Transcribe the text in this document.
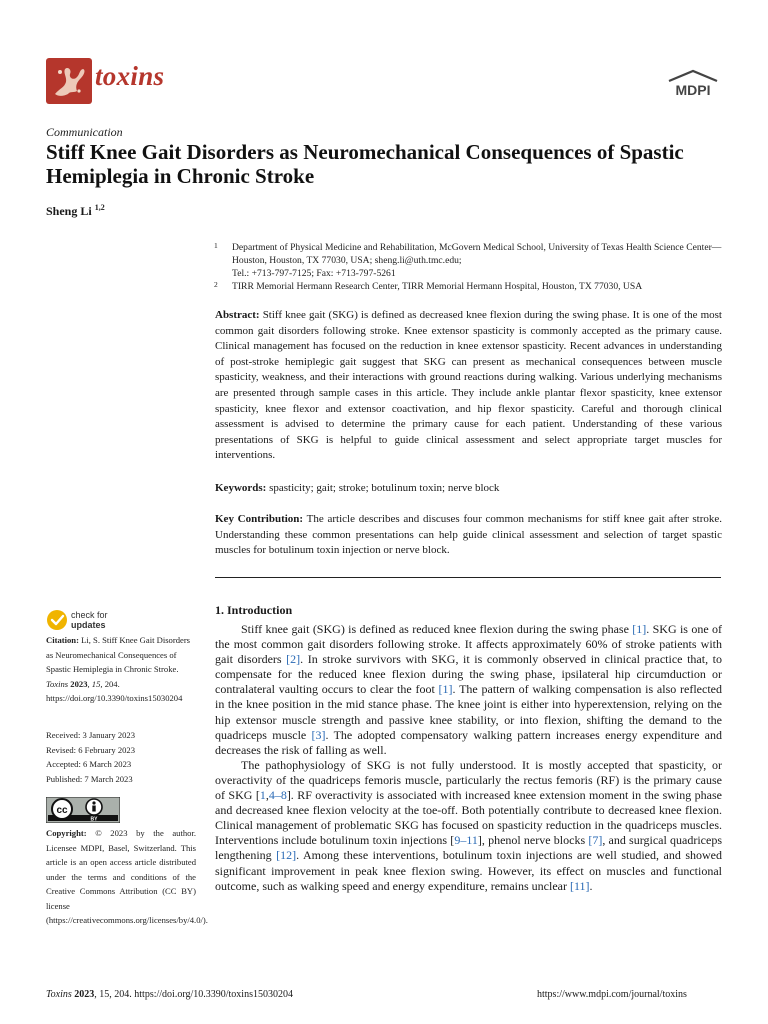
toxins	MDPI
Communication
Stiff Knee Gait Disorders as Neuromechanical Consequences of Spastic Hemiplegia in Chronic Stroke
Sheng Li $^{1,2}$
1 Department of Physical Medicine and Rehabilitation, McGovern Medical School, University of Texas Health Science Center—Houston, Houston, TX 77030, USA; sheng.li@uth.tmc.edu;
Tel.: +713-797-7125; Fax: +713-797-5261
2 TIRR Memorial Hermann Research Center, TIRR Memorial Hermann Hospital, Houston, TX 77030, USA
Abstract: Stiff knee gait (SKG) is defined as decreased knee flexion during the swing phase. It is one of the most common gait disorders following stroke. Knee extensor spasticity is commonly accepted as the primary cause. Clinical management has focused on the reduction in knee extensor spasticity. Recent advances in understanding of post-stroke hemiplegic gait suggest that SKG can present as mechanical consequences between muscle spasticity, weakness, and their interactions with ground reactions during walking. Various underlying mechanisms are presented through sample cases in this article. They include ankle plantar flexor spasticity, knee extensor spasticity, knee flexor and extensor coactivation, and hip flexor spasticity. Careful and thorough clinical assessment is advised to determine the primary cause for each patient. Understanding of these various presentations of SKG is helpful to guide clinical assessment and select appropriate target muscles for interventions.
Keywords: spasticity; gait; stroke; botulinum toxin; nerve block
Key Contribution: The article describes and discuses four common mechanisms for stiff knee gait after stroke. Understanding these common presentations can help guide clinical assessment and selection of target spastic muscles for botulinum toxin injection or nerve block.
1. Introduction

Stiff knee gait (SKG) is defined as reduced knee flexion during the swing phase [1]. SKG is one of the most common gait disorders following stroke. It affects approximately 60% of stroke patients with gait disorders [2]. In stroke survivors with SKG, it is commonly observed in clinical practice that, to compensate for the reduced knee flexion during the swing phase, ipsilateral hip circumduction or contralateral vaulting occurs to clear the foot [1]. The pattern of walking compensation is also reflected in the knee position in the mid stance phase. The knee joint is either into hyperextension, relying on the hip extensor muscle strength and passive knee stability, or into flexion, shifting the demand to the quadriceps muscle [3]. The adopted compensatory walking pattern increases energy expenditure and decreases the risk of falling as well.

The pathophysiology of SKG is not fully understood. It is mostly accepted that spasticity, or overactivity of the quadriceps femoris muscle, particularly the rectus femoris (RF) is the primary cause of SKG [1,4–8]. RF overactivity is associated with increased knee extension moment in the swing phase and decreased knee flexion velocity at the toe-off. Both potentially contribute to decreased knee flexion. Clinical management of problematic SKG has focused on spasticity reduction in the quadriceps muscles. Interventions include botulinum toxin injections [9–11], phenol nerve blocks [7], and surgical quadriceps lengthening [12]. Among these interventions, botulinum toxin injections are well studied, and showed significant improvement in peak knee flexion swing. However, its effect on muscles and functional outcome, such as walking speed and energy expenditure, remains unclear [11].

check for
updates
Citation: Li, S. Stiff Knee Gait Disorders as Neuromechanical Consequences of Spastic Hemiplegia in Chronic Stroke. Toxins 2023, 15, 204. https://doi.org/10.3390/toxins15030204
Received: 3 January 2023
Revised: 6 February 2023
Accepted: 6 March 2023
Published: 7 March 2023
cc
BY
Copyright: © 2023 by the author. Licensee MDPI, Basel, Switzerland. This article is an open access article distributed under the terms and conditions of the Creative Commons Attribution (CC BY) license (https://creativecommons.org/licenses/by/4.0/).
Toxins 2023, 15, 204. https://doi.org/10.3390/toxins15030204	https://www.mdpi.com/journal/toxins
